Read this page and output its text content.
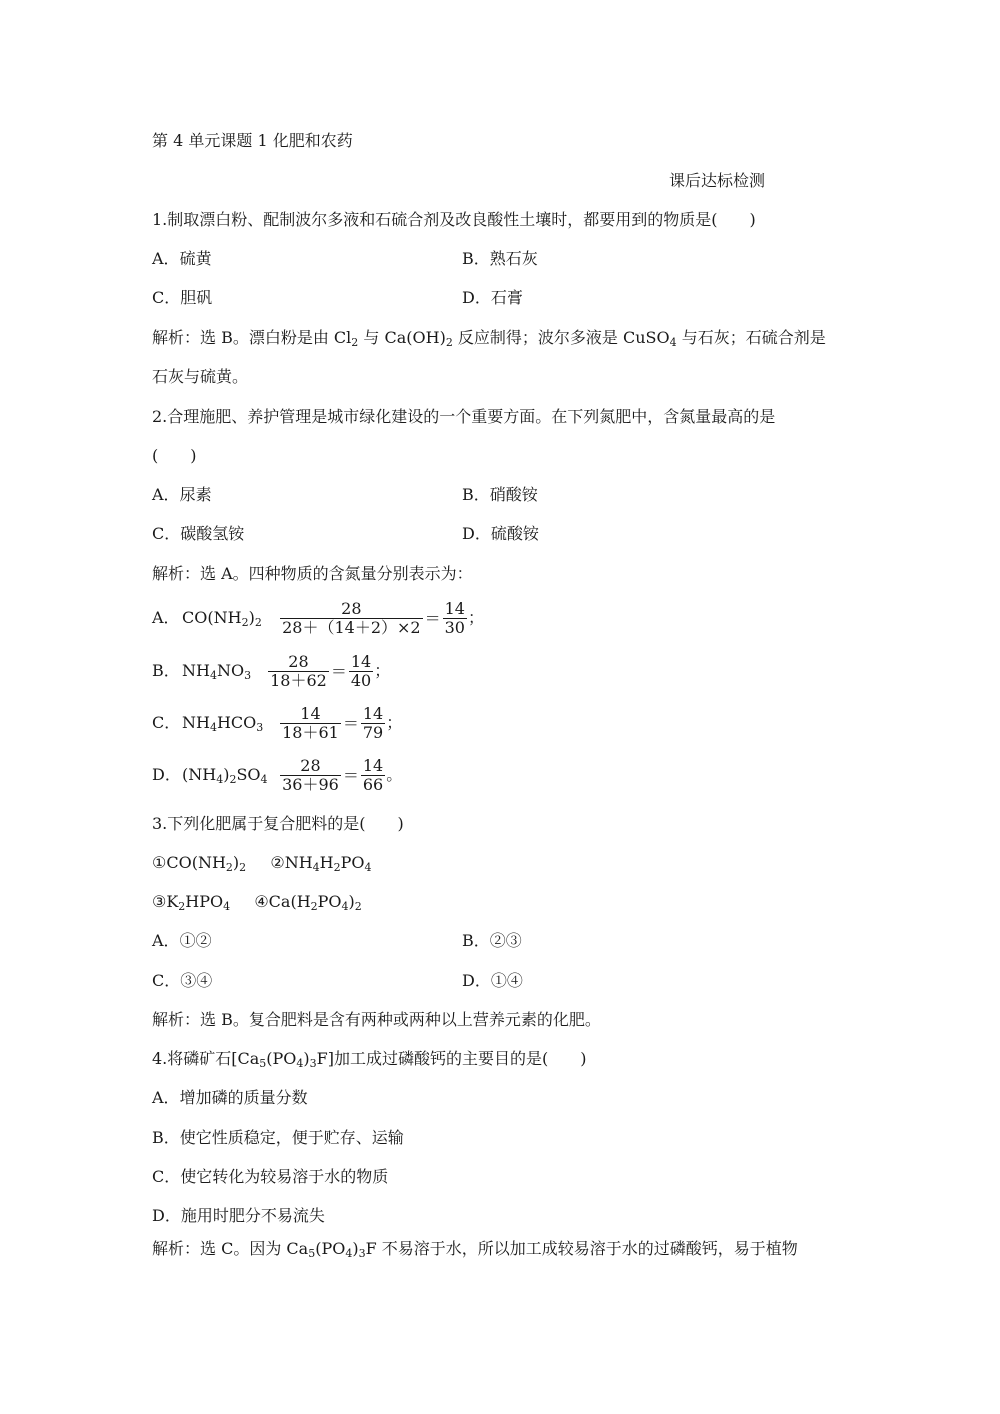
第 4 单元课题 1 化肥和农药
课后达标检测
1.制取漂白粉、配制波尔多液和石硫合剂及改良酸性土壤时，都要用到的物质是(　　)
A．硫黄	B．熟石灰
C．胆矾	D．石膏
解析：选 B。漂白粉是由 $Cl_2$ 与 $Ca(OH)_2$ 反应制得；波尔多液是 CuSO$_4$ 与石灰；石硫合剂是
石灰与硫黄。
2.合理施肥、养护管理是城市绿化建设的一个重要方面。在下列氮肥中，含氮量最高的是
(　　)
A．尿素	B．硝酸铵
C．碳酸氢铵	D．硫酸铵
解析：选 A。四种物质的含氮量分别表示为：
A． $CO(NH_2)_2 \frac{28}{28+(14+2)\times 2} = \frac{14}{30}$ ；
B． $NH_4NO_3 \frac{28}{18+62} = \frac{14}{40}$ ；
C． $NH_4HCO_3 \frac{14}{18+61} = \frac{14}{79}$ ；
D．$(NH_4)_2SO_4 \frac{28}{36+96} = \frac{14}{66}$ 。
3.下列化肥属于复合肥料的是(　　)
$①CO(NH_2)_2$ $②NH_4H_2PO_4$
$③K_2HPO_4$ $④Ca(H_2PO_4)_2$
A．①②	B．②③
C．③④	D．①④
解析：选 B。复合肥料是含有两种或两种以上营养元素的化肥。
4.将磷矿石$[Ca_5(PO_4)_3F]$加工成过磷酸钙的主要目的是(　　)
A．增加磷的质量分数
B．使它性质稳定，便于贮存、运输
C．使它转化为较易溶于水的物质
D．施用时肥分不易流失
解析：选 C。因为 $Ca_5(PO_4)_3F$ 不易溶于水，所以加工成较易溶于水的过磷酸钙，易于植物
